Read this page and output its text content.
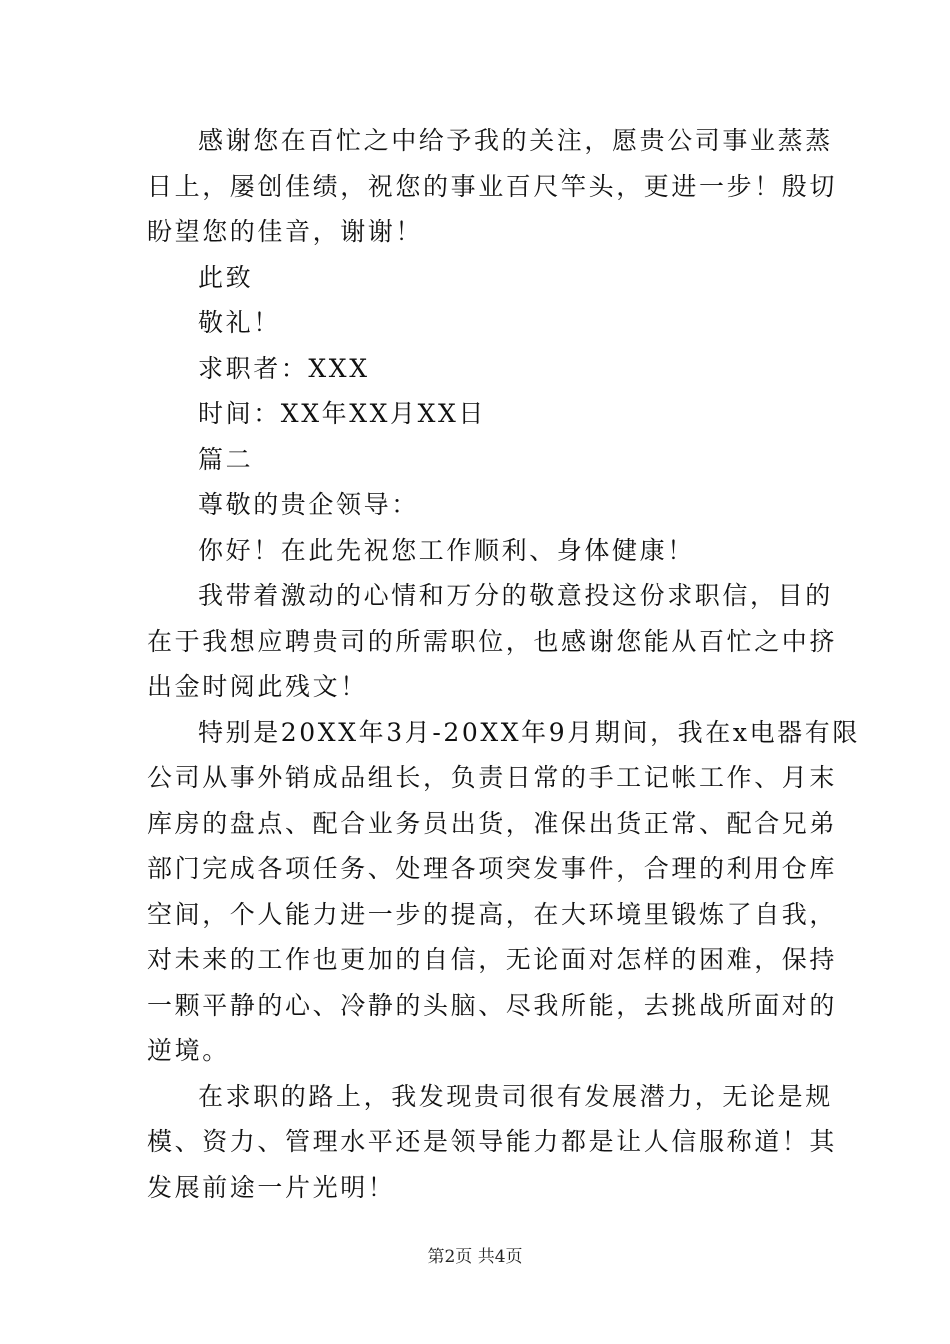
感谢您在百忙之中给予我的关注，愿贵公司事业蒸蒸
日上，屡创佳绩，祝您的事业百尺竿头，更进一步！殷切
盼望您的佳音，谢谢！
此致
敬礼！
求职者：XXX
时间：XX年XX月XX日
篇二
尊敬的贵企领导：
你好！在此先祝您工作顺利、身体健康！
我带着激动的心情和万分的敬意投这份求职信，目的
在于我想应聘贵司的所需职位，也感谢您能从百忙之中挤
出金时阅此残文！
特别是20XX年3月-20XX年9月期间，我在x电器有限
公司从事外销成品组长，负责日常的手工记帐工作、月末
库房的盘点、配合业务员出货，准保出货正常、配合兄弟
部门完成各项任务、处理各项突发事件，合理的利用仓库
空间，个人能力进一步的提高，在大环境里锻炼了自我，
对未来的工作也更加的自信，无论面对怎样的困难，保持
一颗平静的心、冷静的头脑、尽我所能，去挑战所面对的
逆境。
在求职的路上，我发现贵司很有发展潜力，无论是规
模、资力、管理水平还是领导能力都是让人信服称道！其
发展前途一片光明！
第2页 共4页
